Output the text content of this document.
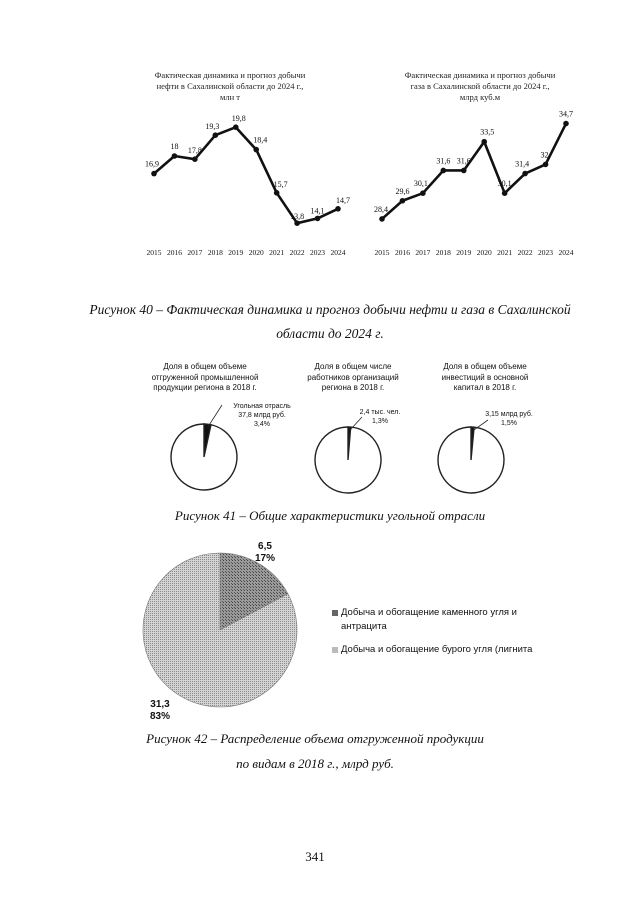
Фактическая динамика и прогноз добычи
нефти в Сахалинской области до 2024 г.,
млн т
Фактическая динамика и прогноз добычи
газа в Сахалинской области до 2024 г.,
млрд куб.м
16,9
18 17,8
19,3
19,8
18,4
15,7
13,8
14,1
14,7
2015 2016 2017 2018 2019 2020 2021 2022 2023 2024
28,4
29,6
30,1
31,6 31,6
33,5
30,1
31,4
32
34,7
2015 2016 2017 2018 2019 2020 2021 2022 2023 2024
Рисунок 40 – Фактическая динамика и прогноз добычи нефти и газа в Сахалинской
области до 2024 г.
Доля в общем объеме
отгруженной промышленной
продукции региона в 2018 г.
Доля в общем числе
работников организаций
региона в 2018 г.
Доля в общем объеме
инвестиций в основной
капитал в 2018 г.
Угольная отрасль
37,8 млрд руб.
3,4%
2,4 тыс. чел.
1,3%
3,15 млрд руб.
1,5%
Рисунок 41 – Общие характеристики угольной отрасли
6,5
17%
31,3
83%
Добыча и обогащение каменного угля и
антрацита
Добыча и обогащение бурого угля (лигнита
Рисунок 42 – Распределение объема отгруженной продукции
по видам в 2018 г., млрд руб.
341
